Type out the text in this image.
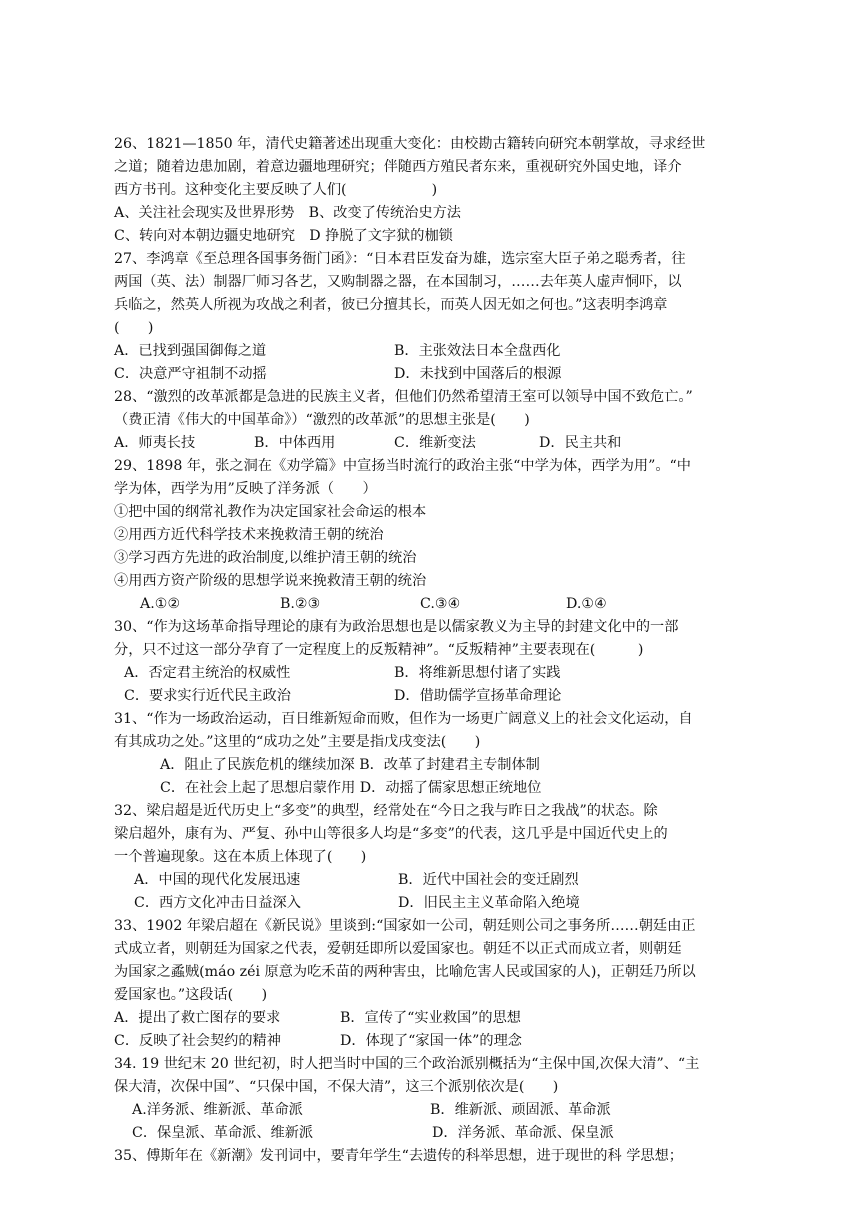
26、1821—1850 年，清代史籍著述出现重大变化：由校勘古籍转向研究本朝掌故，寻求经世
之道；随着边患加剧，着意边疆地理研究；伴随西方殖民者东来，重视研究外国史地，译介
西方书刊。这种变化主要反映了人们(　　　　　　)
A、关注社会现实及世界形势　B、改变了传统治史方法
C、转向对本朝边疆史地研究　D 挣脱了文字狱的枷锁
27、李鸿章《至总理各国事务衙门函》：“日本君臣发奋为雄，选宗室大臣子弟之聪秀者，往
两国（英、法）制器厂师习各艺，又购制器之器，在本国制习，……去年英人虚声恫吓，以
兵临之，然英人所视为攻战之利者，彼已分擅其长，而英人因无如之何也。”这表明李鸿章
(　　)
A．已找到强国御侮之道	B．主张效法日本全盘西化
C．决意严守祖制不动摇	D．未找到中国落后的根源
28、“激烈的改革派都是急进的民族主义者，但他们仍然希望清王室可以领导中国不致危亡。”
（费正清《伟大的中国革命》）“激烈的改革派”的思想主张是(　　)
A．师夷长技	B．中体西用	C．维新变法	D．民主共和
29、1898 年，张之洞在《劝学篇》中宣扬当时流行的政治主张“中学为体，西学为用”。“中
学为体，西学为用”反映了洋务派（　　）
①把中国的纲常礼教作为决定国家社会命运的根本
②用西方近代科学技术来挽救清王朝的统治
③学习西方先进的政治制度,以维护清王朝的统治
④用西方资产阶级的思想学说来挽救清王朝的统治
A.①②	B.②③	C.③④	D.①④
30、“作为这场革命指导理论的康有为政治思想也是以儒家教义为主导的封建文化中的一部
分，只不过这一部分孕育了一定程度上的反叛精神”。“反叛精神”主要表现在(　　　)
A．否定君主统治的权威性	B．将维新思想付诸了实践
C．要求实行近代民主政治	D．借助儒学宣扬革命理论
31、“作为一场政治运动，百日维新短命而败，但作为一场更广阔意义上的社会文化运动，自
有其成功之处。”这里的“成功之处”主要是指戊戌变法(　　)
A．阻止了民族危机的继续加深 B．改革了封建君主专制体制
C．在社会上起了思想启蒙作用 D．动摇了儒家思想正统地位
32、梁启超是近代历史上“多变”的典型，经常处在“今日之我与昨日之我战”的状态。除
梁启超外，康有为、严复、孙中山等很多人均是“多变”的代表，这几乎是中国近代史上的
一个普遍现象。这在本质上体现了(　　)
A．中国的现代化发展迅速	B．近代中国社会的变迁剧烈
C．西方文化冲击日益深入	D．旧民主主义革命陷入绝境
33、1902 年梁启超在《新民说》里谈到:“国家如一公司，朝廷则公司之事务所……朝廷由正
式成立者，则朝廷为国家之代表，爱朝廷即所以爱国家也。朝廷不以正式而成立者，则朝廷
为国家之蟊贼(máo zéi 原意为吃禾苗的两种害虫，比喻危害人民或国家的人)，正朝廷乃所以
爱国家也。”这段话(　　)
A．提出了救亡图存的要求	B．宣传了“实业救国”的思想
C．反映了社会契约的精神	D．体现了“家国一体”的理念
34. 19 世纪末 20 世纪初，时人把当时中国的三个政治派别概括为“主保中国,次保大清”、“主
保大清，次保中国”、“只保中国，不保大清”，这三个派别依次是(　　)
A.洋务派、维新派、革命派	B．维新派、顽固派、革命派
C．保皇派、革命派、维新派	D．洋务派、革命派、保皇派
35、傅斯年在《新潮》发刊词中，要青年学生“去遗传的科举思想，进于现世的科 学思想；
